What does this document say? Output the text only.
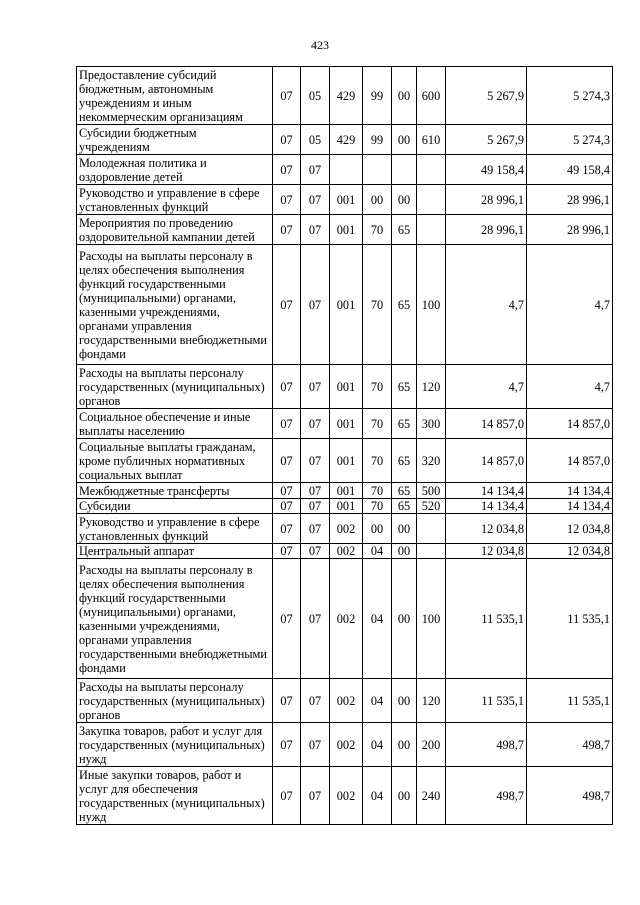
423
Предоставление субсидий бюджетным, автономным учреждениям и иным некоммерческим организациям	07	05	429	99	00	600	5 267,9	5 274,3
Субсидии бюджетным учреждениям	07	05	429	99	00	610	5 267,9	5 274,3
Молодежная политика и оздоровление детей	07	07					49 158,4	49 158,4
Руководство и управление в сфере установленных функций	07	07	001	00	00		28 996,1	28 996,1
Мероприятия по проведению оздоровительной кампании детей	07	07	001	70	65		28 996,1	28 996,1
Расходы на выплаты персоналу в целях обеспечения выполнения функций государственными (муниципальными) органами, казенными учреждениями, органами управления государственными внебюджетными фондами	07	07	001	70	65	100	4,7	4,7
Расходы на выплаты персоналу государственных (муниципальных) органов	07	07	001	70	65	120	4,7	4,7
Социальное обеспечение и иные выплаты населению	07	07	001	70	65	300	14 857,0	14 857,0
Социальные выплаты гражданам, кроме публичных нормативных социальных выплат	07	07	001	70	65	320	14 857,0	14 857,0
Межбюджетные трансферты	07	07	001	70	65	500	14 134,4	14 134,4
Субсидии	07	07	001	70	65	520	14 134,4	14 134,4
Руководство и управление в сфере установленных функций	07	07	002	00	00		12 034,8	12 034,8
Центральный аппарат	07	07	002	04	00		12 034,8	12 034,8
Расходы на выплаты персоналу в целях обеспечения выполнения функций государственными (муниципальными) органами, казенными учреждениями, органами управления государственными внебюджетными фондами	07	07	002	04	00	100	11 535,1	11 535,1
Расходы на выплаты персоналу государственных (муниципальных) органов	07	07	002	04	00	120	11 535,1	11 535,1
Закупка товаров, работ и услуг для государственных (муниципальных) нужд	07	07	002	04	00	200	498,7	498,7
Иные закупки товаров, работ и услуг для обеспечения государственных (муниципальных) нужд	07	07	002	04	00	240	498,7	498,7
